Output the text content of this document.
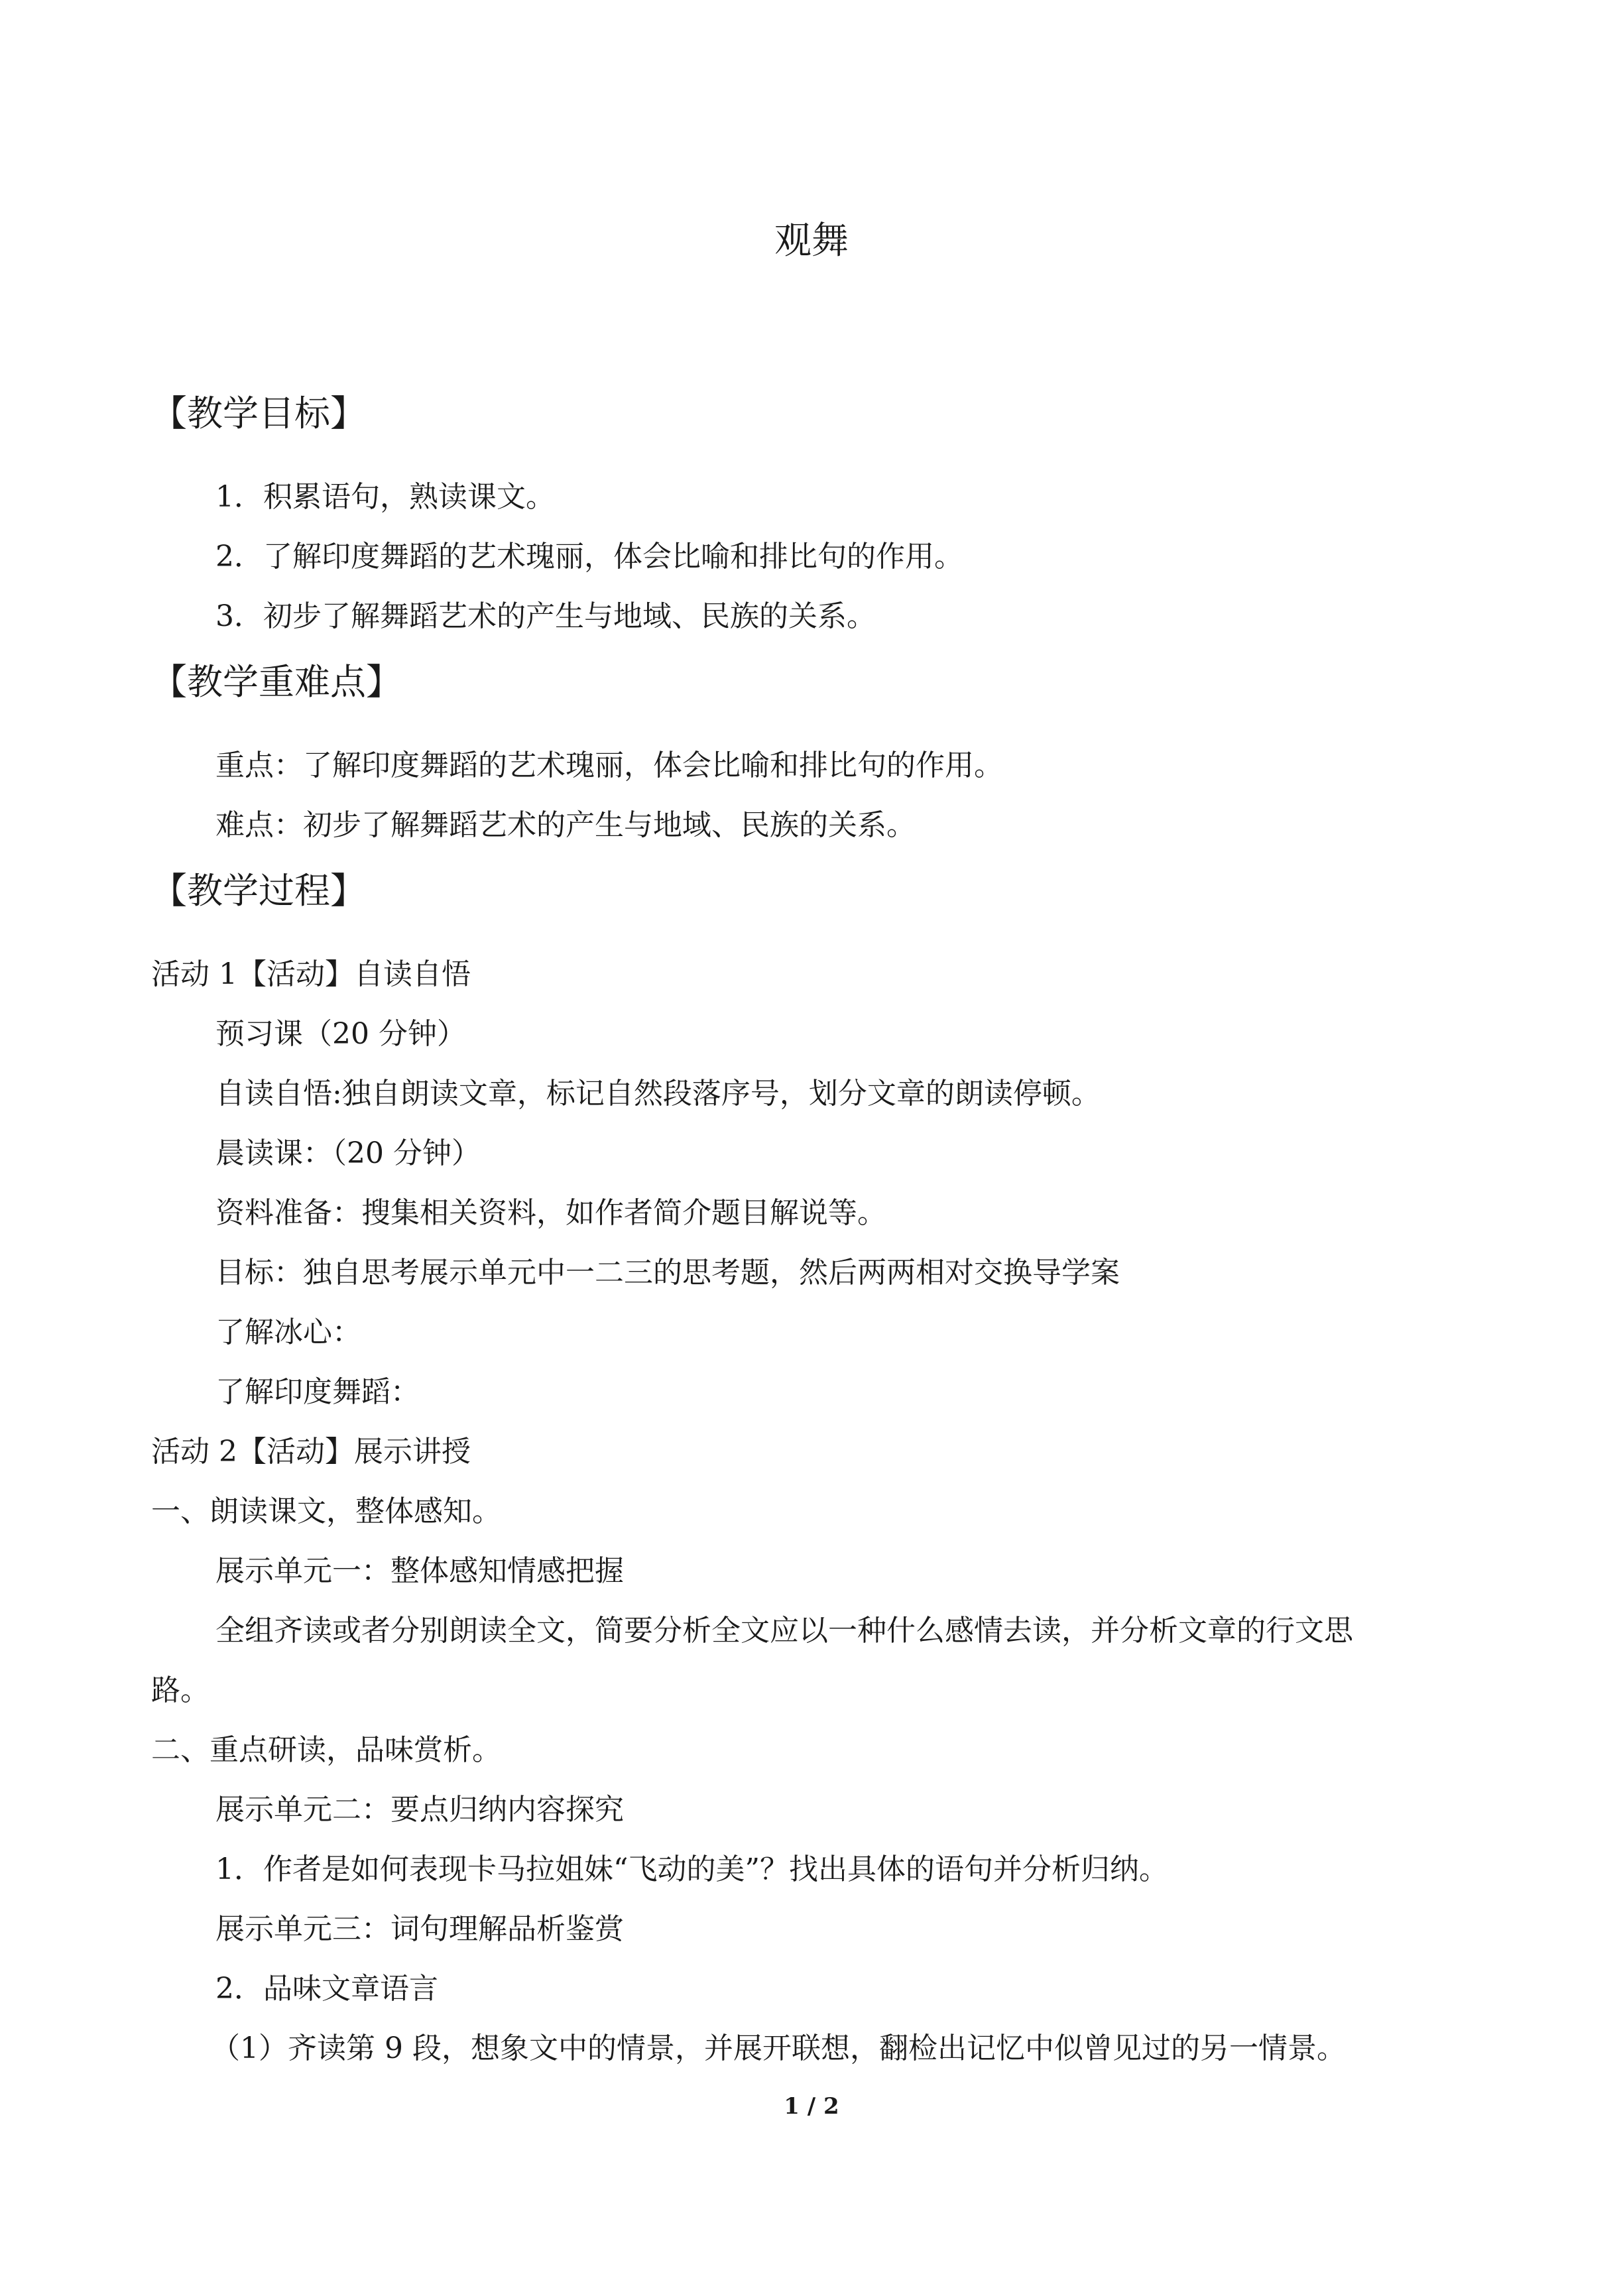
观舞
【教学目标】
1．积累语句，熟读课文。
2．了解印度舞蹈的艺术瑰丽，体会比喻和排比句的作用。
3．初步了解舞蹈艺术的产生与地域、民族的关系。
【教学重难点】
重点：了解印度舞蹈的艺术瑰丽，体会比喻和排比句的作用。
难点：初步了解舞蹈艺术的产生与地域、民族的关系。
【教学过程】
活动 1【活动】自读自悟
预习课（20 分钟）
自读自悟:独自朗读文章，标记自然段落序号，划分文章的朗读停顿。
晨读课：（20 分钟）
资料准备：搜集相关资料，如作者简介题目解说等。
目标：独自思考展示单元中一二三的思考题，然后两两相对交换导学案
了解冰心：
了解印度舞蹈：
活动 2【活动】展示讲授
一、朗读课文，整体感知。
展示单元一：整体感知情感把握
全组齐读或者分别朗读全文，简要分析全文应以一种什么感情去读，并分析文章的行文思
路。
二、重点研读，品味赏析。
展示单元二：要点归纳内容探究
1．作者是如何表现卡马拉姐妹“飞动的美”？找出具体的语句并分析归纳。
展示单元三：词句理解品析鉴赏
2．品味文章语言
（1）齐读第 9 段，想象文中的情景，并展开联想，翻检出记忆中似曾见过的另一情景。
1 / 2
